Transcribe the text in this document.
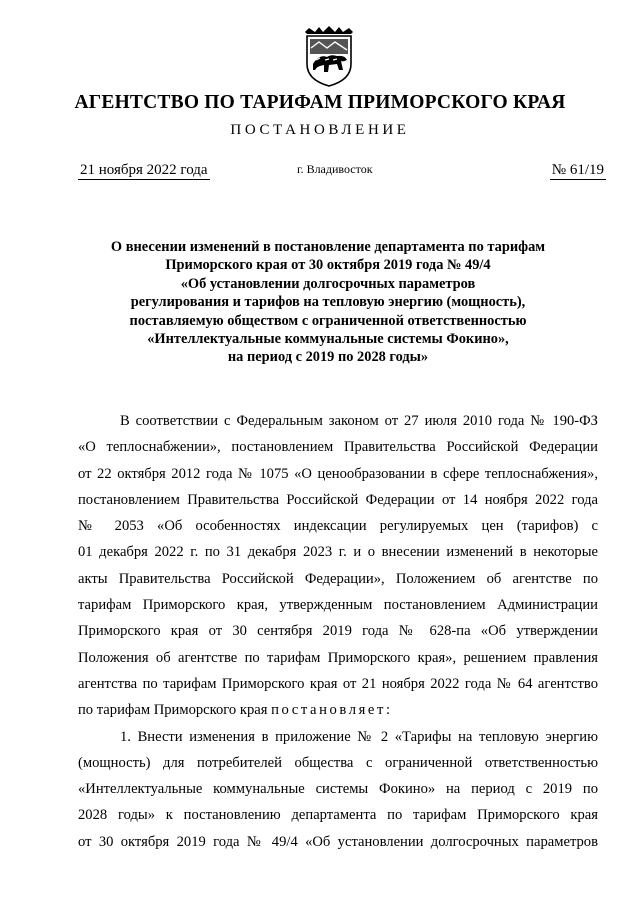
АГЕНТСТВО ПО ТАРИФАМ ПРИМОРСКОГО КРАЯ
ПОСТАНОВЛЕНИЕ
21 ноября 2022 года	г. Владивосток	№ 61/19
О внесении изменений в постановление департамента по тарифам
Приморского края от 30 октября 2019 года № 49/4
«Об установлении долгосрочных параметров
регулирования и тарифов на тепловую энергию (мощность),
поставляемую обществом с ограниченной ответственностью
«Интеллектуальные коммунальные системы Фокино»,
на период с 2019 по 2028 годы»
В соответствии с Федеральным законом от 27 июля 2010 года № 190-ФЗ
«О теплоснабжении», постановлением Правительства Российской Федерации
от 22 октября 2012 года № 1075 «О ценообразовании в сфере теплоснабжения»,
постановлением Правительства Российской Федерации от 14 ноября 2022 года
№ 2053 «Об особенностях индексации регулируемых цен (тарифов) с
01 декабря 2022 г. по 31 декабря 2023 г. и о внесении изменений в некоторые
акты Правительства Российской Федерации», Положением об агентстве по
тарифам Приморского края, утвержденным постановлением Администрации
Приморского края от 30 сентября 2019 года № 628-па «Об утверждении
Положения об агентстве по тарифам Приморского края», решением правления
агентства по тарифам Приморского края от 21 ноября 2022 года № 64 агентство
по тарифам Приморского края постановляет:
1. Внести изменения в приложение № 2 «Тарифы на тепловую энергию
(мощность) для потребителей общества с ограниченной ответственностью
«Интеллектуальные коммунальные системы Фокино» на период с 2019 по
2028 годы» к постановлению департамента по тарифам Приморского края
от 30 октября 2019 года № 49/4 «Об установлении долгосрочных параметров
